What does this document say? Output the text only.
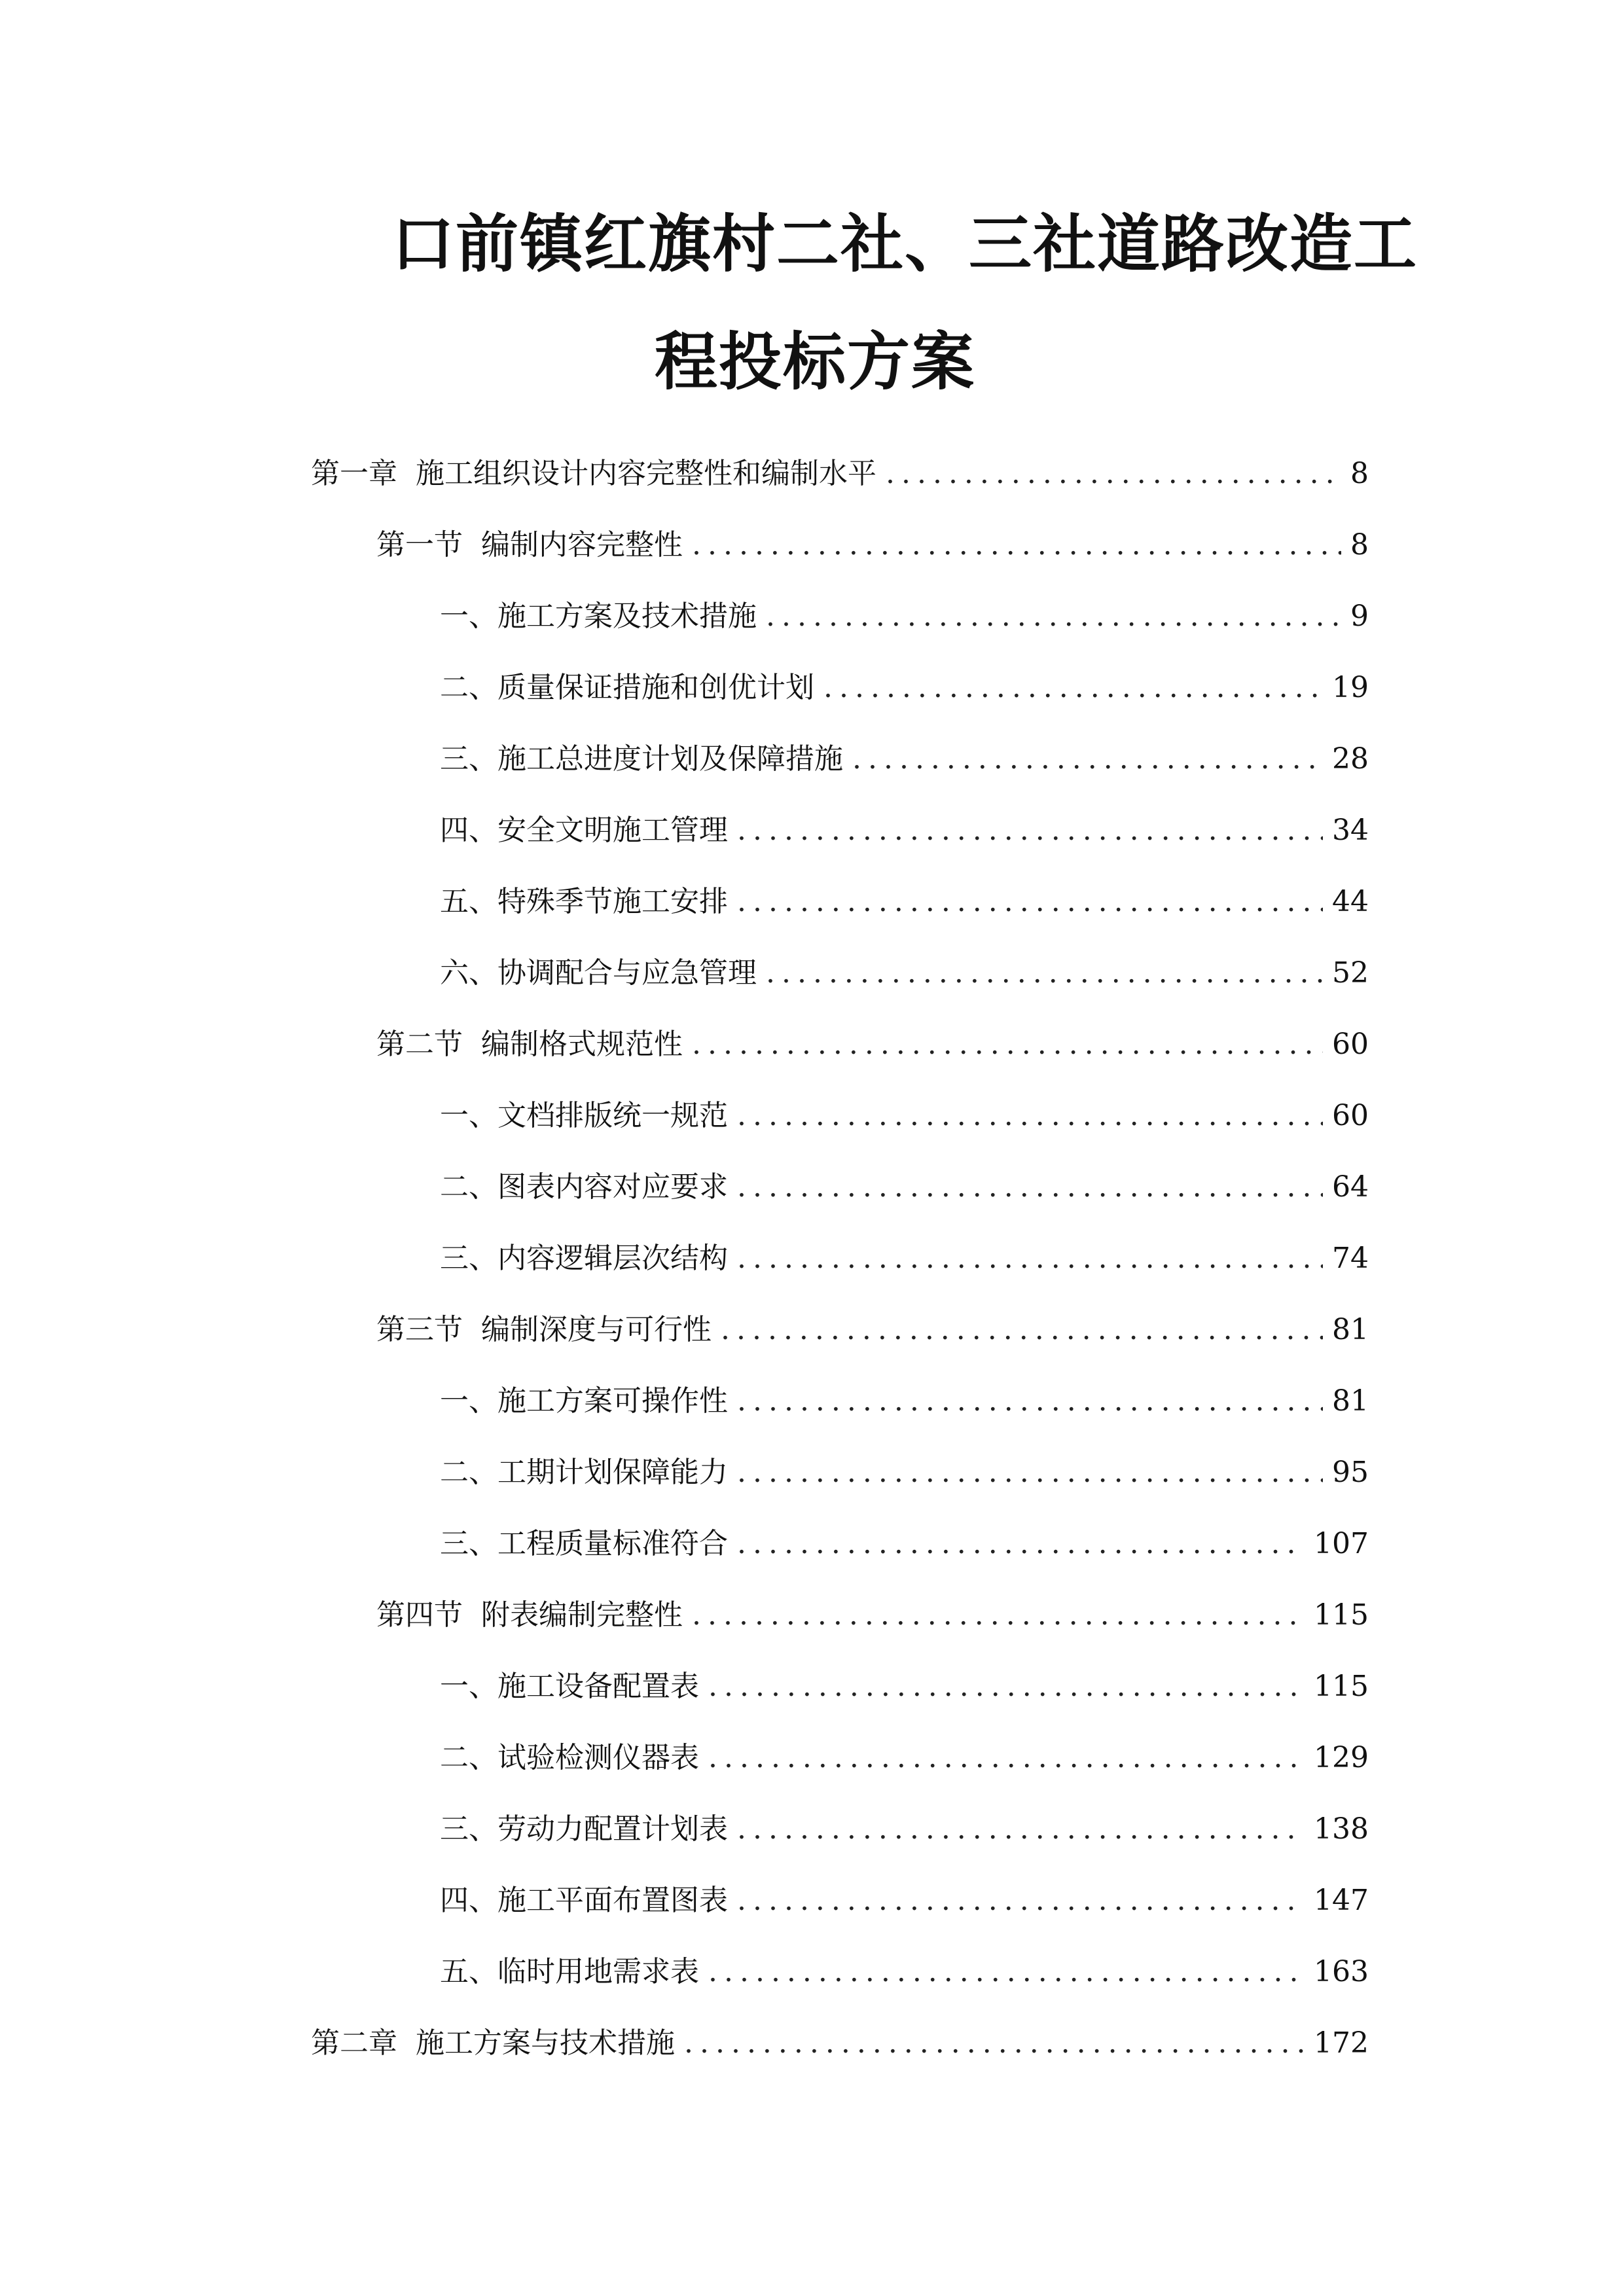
口前镇红旗村二社、三社道路改造工
程投标方案
第一章 施工组织设计内容完整性和编制水平 .....	8
第一节 编制内容完整性 .....	8
一、 施工方案及技术措施 .....	9
二、 质量保证措施和创优计划 .....	19
三、 施工总进度计划及保障措施 .....	28
四、 安全文明施工管理 .....	34
五、 特殊季节施工安排 .....	44
六、 协调配合与应急管理 .....	52
第二节 编制格式规范性 .....	60
一、 文档排版统一规范 .....	60
二、 图表内容对应要求 .....	64
三、 内容逻辑层次结构 .....	74
第三节 编制深度与可行性 .....	81
一、 施工方案可操作性 .....	81
二、 工期计划保障能力 .....	95
三、 工程质量标准符合 .....	107
第四节 附表编制完整性 .....	115
一、 施工设备配置表 .....	115
二、 试验检测仪器表 .....	129
三、 劳动力配置计划表 .....	138
四、 施工平面布置图表 .....	147
五、 临时用地需求表 .....	163
第二章 施工方案与技术措施 .....	172
